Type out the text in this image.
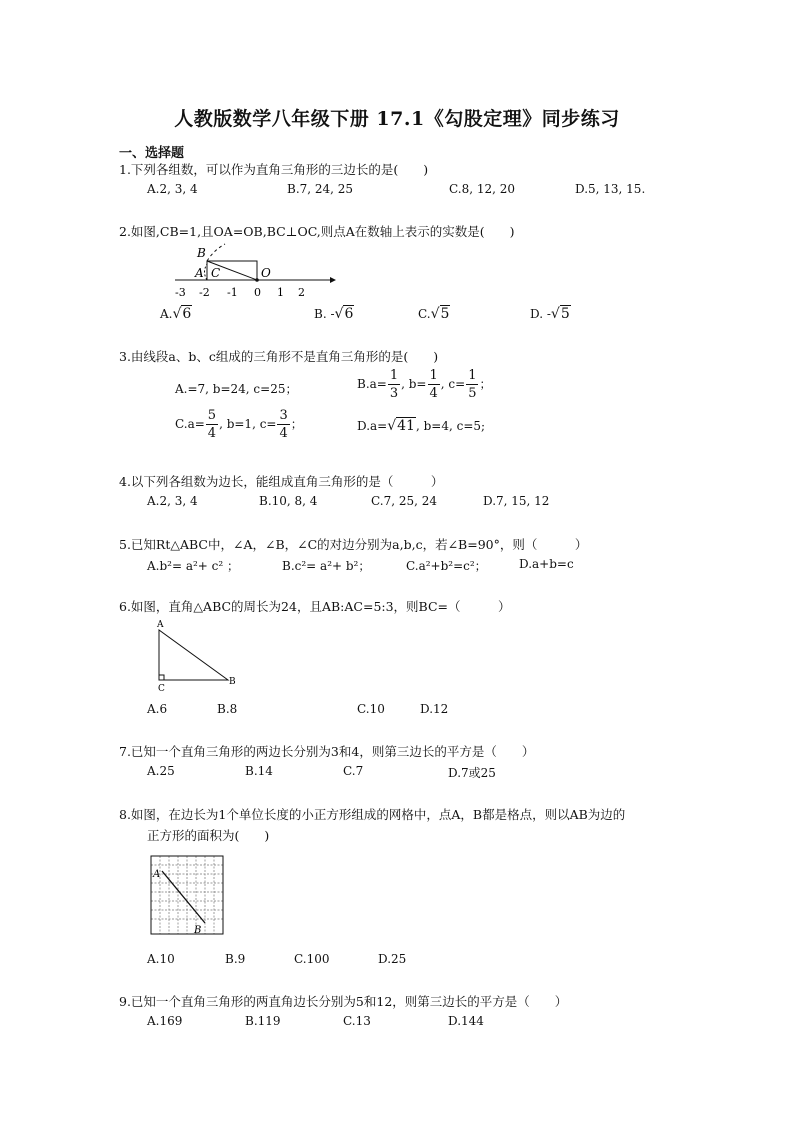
人教版数学八年级下册 17.1《勾股定理》同步练习
一、选择题
1.下列各组数，可以作为直角三角形的三边长的是(　　)
A.2, 3, 4	B.7, 24, 25	C.8, 12, 20	D.5, 13, 15.
2.如图,CB=1,且OA=OB,BC⊥OC,则点A在数轴上表示的实数是(　　)
B
A C	O
-3 -2 -1 0 1 2
A.√6	B. -√6	C.√5	D. -√5
3.由线段a、b、c组成的三角形不是直角三角形的是(　　)
A.=7, b=24, c=25；	$B.a= \frac{1}{3}$ , $b= \frac{1}{4}$ , $c= \frac{1}{5}$ ；
$C.a= \frac{5}{4}$ , b=1, $c= \frac{3}{4}$ ；	D.a=√41, b=4, c=5;
4.以下列各组数为边长，能组成直角三角形的是（　　　）
A.2, 3, 4	B.10, 8, 4	C.7, 25, 24	D.7, 15, 12
5.已知Rt△ABC中，∠A，∠B，∠C的对边分别为a,b,c，若∠B=90°，则（　　　）
A.b²= a²+ c² ；	B.c²= a²+ b²；	C.a²+b²=c²；	D.a+b=c
6.如图，直角△ABC的周长为24，且AB:AC=5:3，则BC=（　　　）
A
C
B
A.6	B.8	C.10	D.12
7.已知一个直角三角形的两边长分别为3和4，则第三边长的平方是（　　）
A.25	B.14	C.7	D.7或25
8.如图，在边长为1个单位长度的小正方形组成的网格中，点A，B都是格点，则以AB为边的
正方形的面积为(　　)
A
B
A.10	B.9	C.100	D.25
9.已知一个直角三角形的两直角边长分别为5和12，则第三边长的平方是（　　）
A.169	B.119	C.13	D.144
